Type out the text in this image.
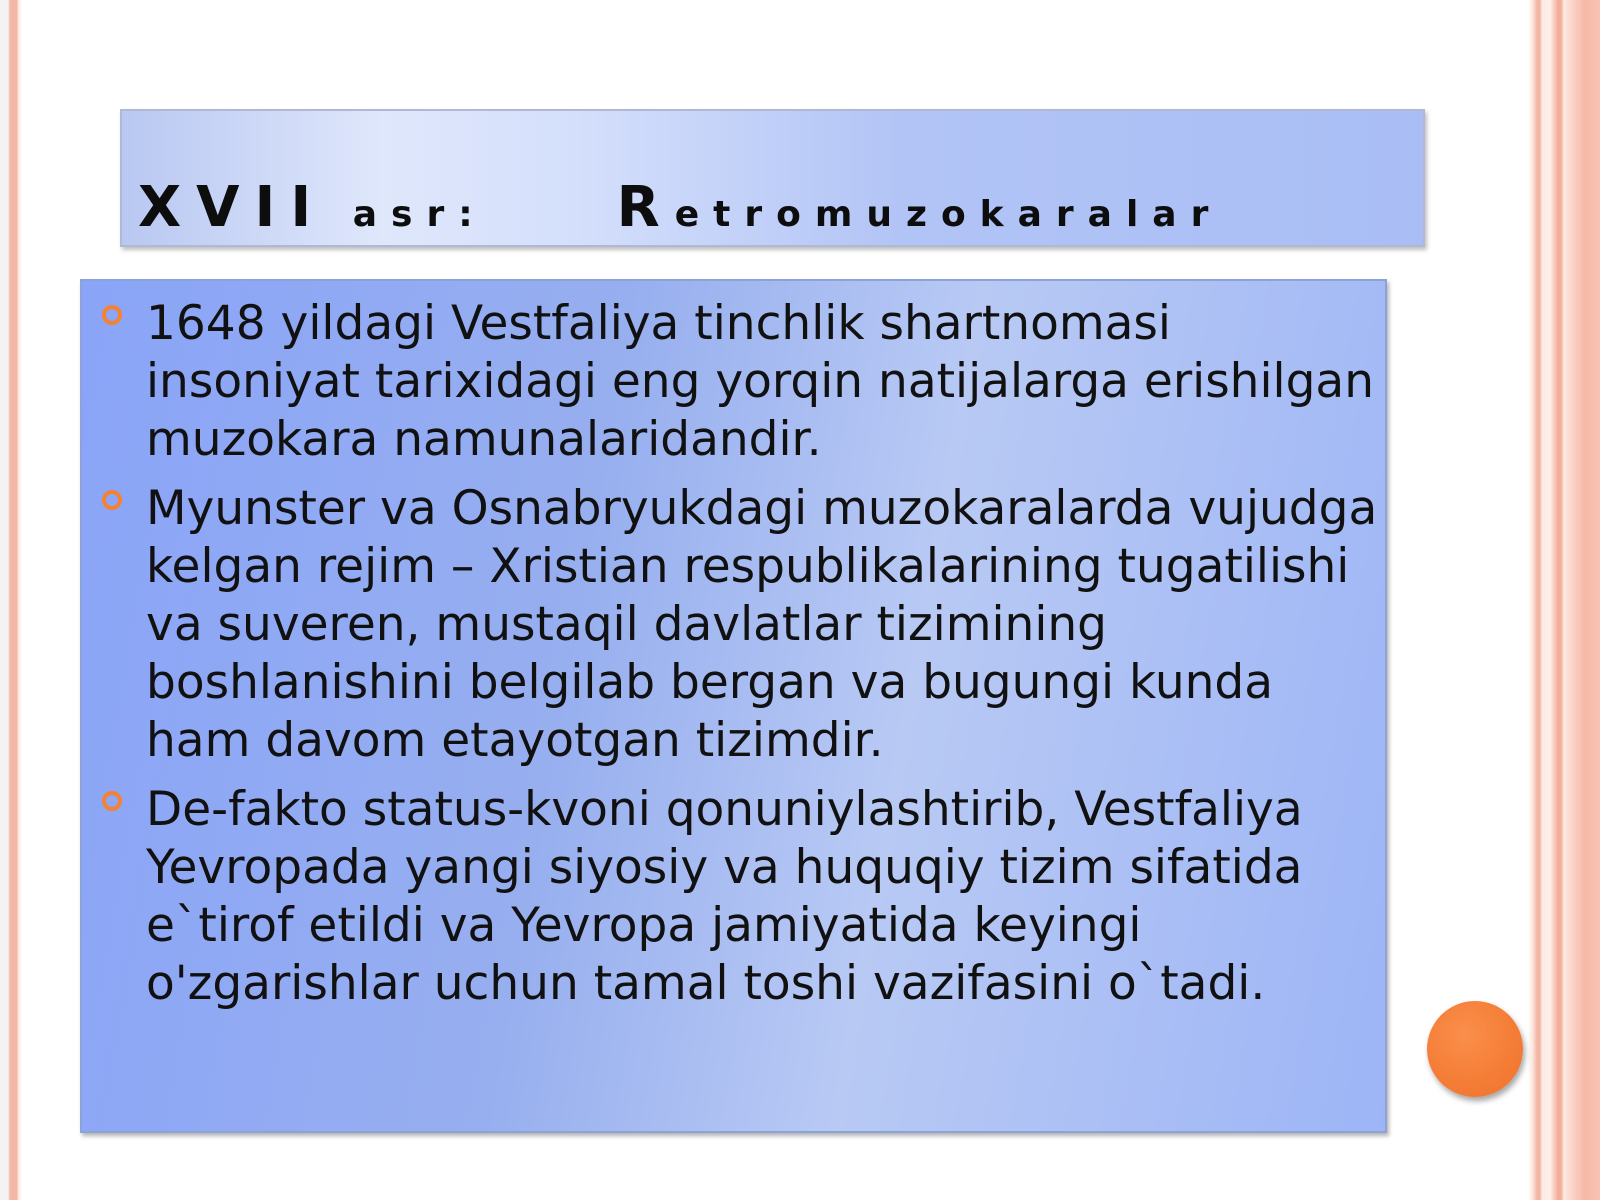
XVII asr: Retromuzokaralar
1648 yildagi Vestfaliya tinchlik shartnomasi insoniyat tarixidagi eng yorqin natijalarga erishilgan muzokara namunalaridandir.
Myunster va Osnabryukdagi muzokaralarda vujudga kelgan rejim – Xristian respublikalarining tugatilishi va suveren, mustaqil davlatlar tizimining boshlanishini belgilab bergan va bugungi kunda ham davom etayotgan tizimdir.
De-fakto status-kvoni qonuniylashtirib, Vestfaliya Yevropada yangi siyosiy va huquqiy tizim sifatida e`tirof etildi va Yevropa jamiyatida keyingi o'zgarishlar uchun tamal toshi vazifasini o`tadi.
